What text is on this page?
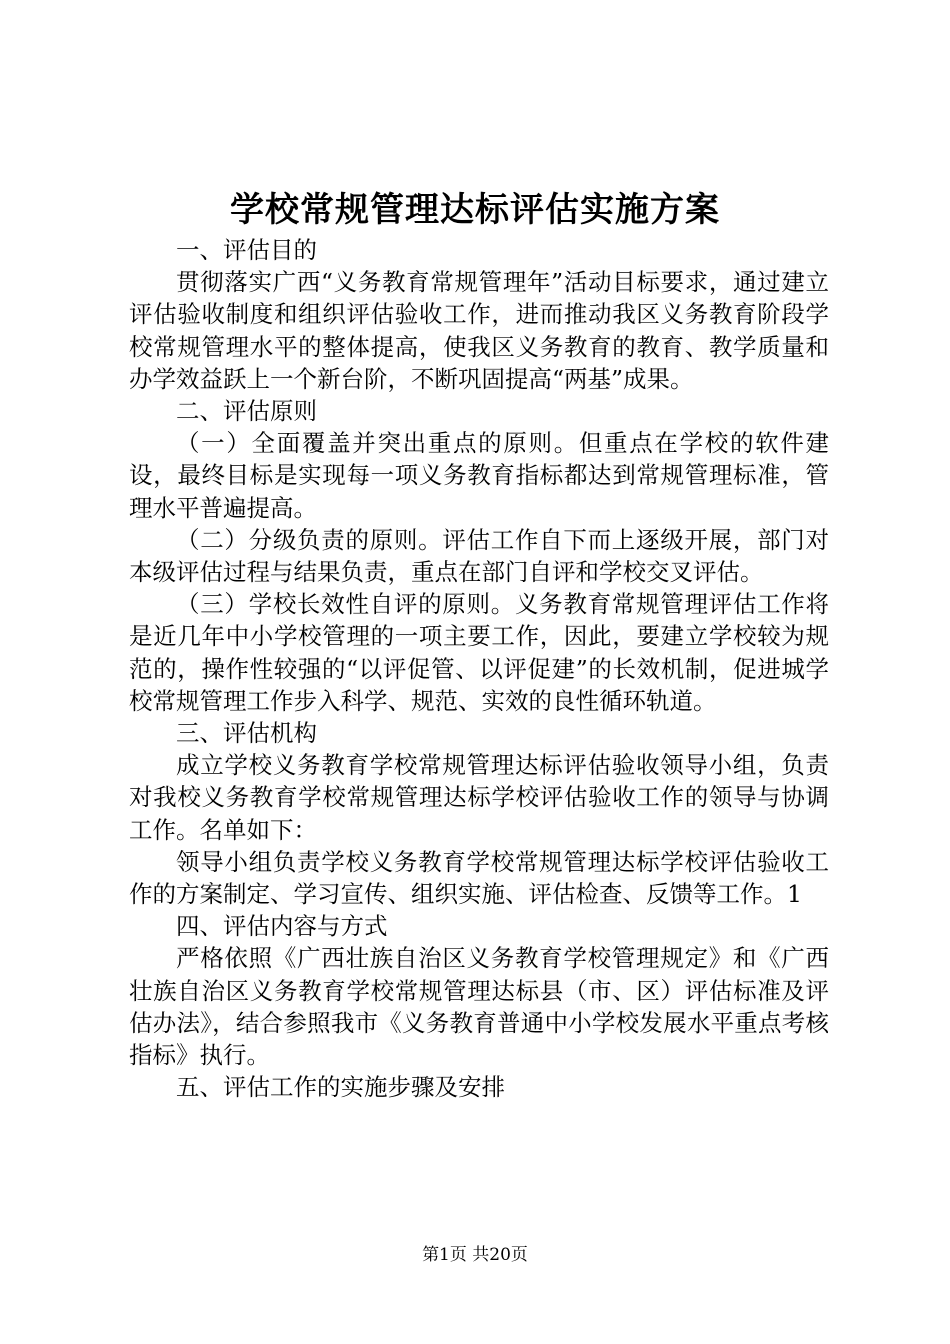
学校常规管理达标评估实施方案

一、评估目的

贯彻落实广西“义务教育常规管理年”活动目标要求，通过建立评估验收制度和组织评估验收工作，进而推动我区义务教育阶段学校常规管理水平的整体提高，使我区义务教育的教育、教学质量和办学效益跃上一个新台阶，不断巩固提高“两基”成果。

二、评估原则

（一）全面覆盖并突出重点的原则。但重点在学校的软件建设，最终目标是实现每一项义务教育指标都达到常规管理标准，管理水平普遍提高。

（二）分级负责的原则。评估工作自下而上逐级开展，部门对本级评估过程与结果负责，重点在部门自评和学校交叉评估。

（三）学校长效性自评的原则。义务教育常规管理评估工作将是近几年中小学校管理的一项主要工作，因此，要建立学校较为规范的，操作性较强的“以评促管、以评促建”的长效机制，促进城学校常规管理工作步入科学、规范、实效的良性循环轨道。

三、评估机构

成立学校义务教育学校常规管理达标评估验收领导小组，负责对我校义务教育学校常规管理达标学校评估验收工作的领导与协调工作。名单如下：

领导小组负责学校义务教育学校常规管理达标学校评估验收工作的方案制定、学习宣传、组织实施、评估检查、反馈等工作。1

四、评估内容与方式

严格依照《广西壮族自治区义务教育学校管理规定》和《广西壮族自治区义务教育学校常规管理达标县（市、区）评估标准及评估办法》，结合参照我市《义务教育普通中小学校发展水平重点考核指标》执行。

五、评估工作的实施步骤及安排

第1页 共20页
